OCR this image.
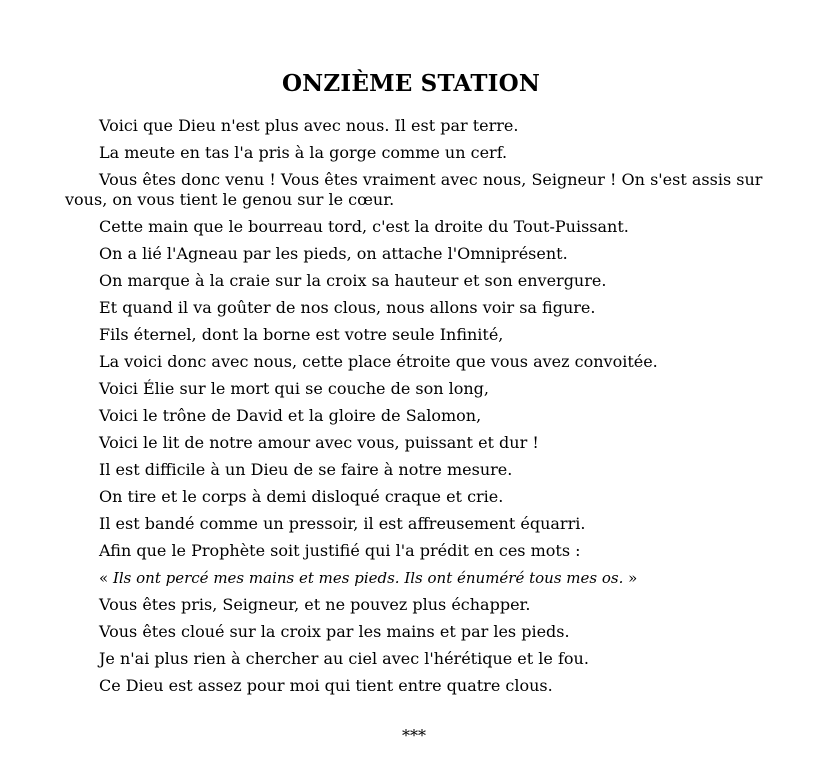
ONZIÈME STATION

Voici que Dieu n'est plus avec nous. Il est par terre.

La meute en tas l'a pris à la gorge comme un cerf.

Vous êtes donc venu ! Vous êtes vraiment avec nous, Seigneur ! On s'est assis sur vous, on vous tient le genou sur le cœur.

Cette main que le bourreau tord, c'est la droite du Tout-Puissant.

On a lié l'Agneau par les pieds, on attache l'Omniprésent.

On marque à la craie sur la croix sa hauteur et son envergure.

Et quand il va goûter de nos clous, nous allons voir sa figure.

Fils éternel, dont la borne est votre seule Infinité,

La voici donc avec nous, cette place étroite que vous avez convoitée.

Voici Élie sur le mort qui se couche de son long,

Voici le trône de David et la gloire de Salomon,

Voici le lit de notre amour avec vous, puissant et dur !

Il est difficile à un Dieu de se faire à notre mesure.

On tire et le corps à demi disloqué craque et crie.

Il est bandé comme un pressoir, il est affreusement équarri.

Afin que le Prophète soit justifié qui l'a prédit en ces mots :

« Ils ont percé mes mains et mes pieds. Ils ont énuméré tous mes os. »

Vous êtes pris, Seigneur, et ne pouvez plus échapper.

Vous êtes cloué sur la croix par les mains et par les pieds.

Je n'ai plus rien à chercher au ciel avec l'hérétique et le fou.

Ce Dieu est assez pour moi qui tient entre quatre clous.

***
